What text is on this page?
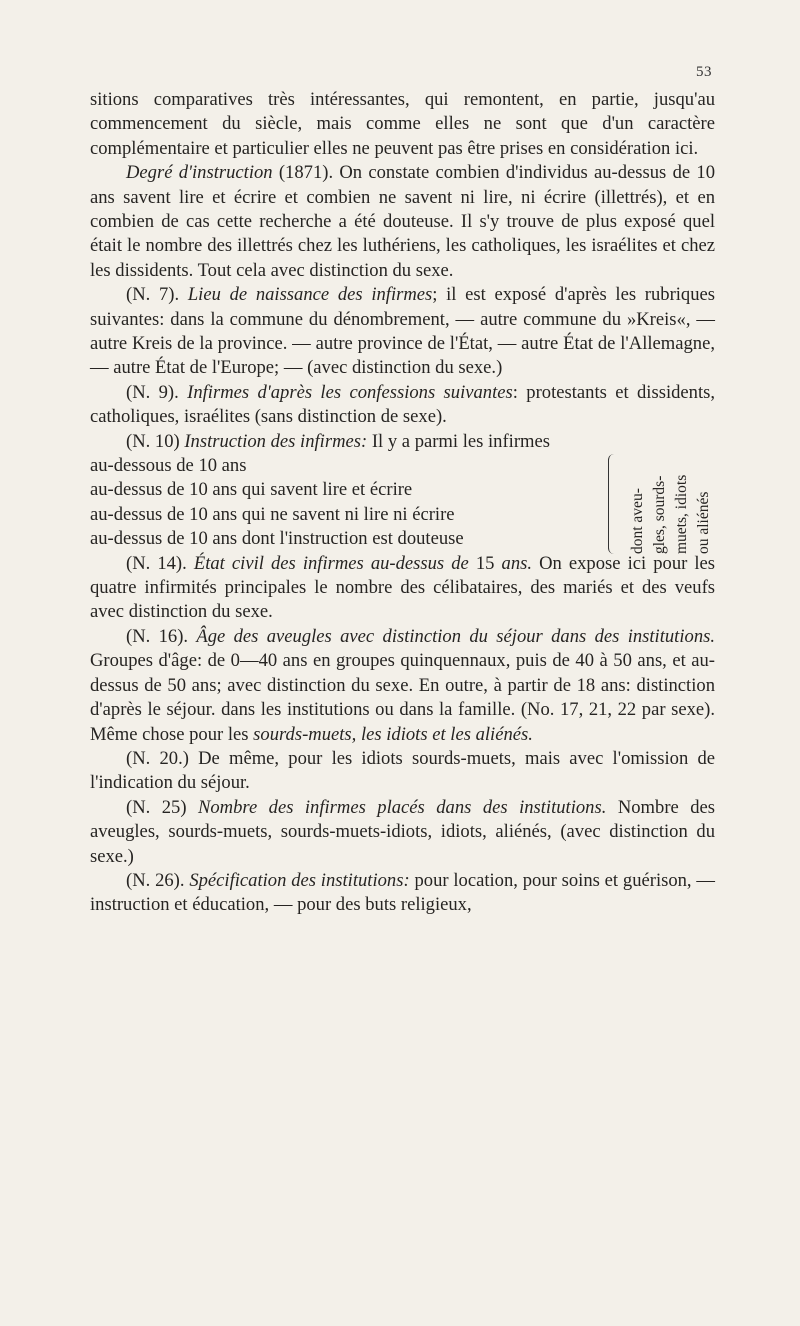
53

sitions comparatives très intéressantes, qui remontent, en partie, jusqu'au commencement du siècle, mais comme elles ne sont que d'un caractère complémentaire et particulier elles ne peuvent pas être prises en considération ici.

Degré d'instruction (1871). On constate combien d'individus au-dessus de 10 ans savent lire et écrire et combien ne savent ni lire, ni écrire (illettrés), et en combien de cas cette recherche a été douteuse. Il s'y trouve de plus exposé quel était le nombre des illettrés chez les luthériens, les catholiques, les israélites et chez les dissidents. Tout cela avec distinction du sexe.

(N. 7). Lieu de naissance des infirmes; il est exposé d'après les rubriques suivantes: dans la commune du dénombrement, — autre commune du »Kreis«, — autre Kreis de la province. — autre province de l'État, — autre État de l'Allemagne, — autre État de l'Europe; — (avec distinction du sexe.)

(N. 9). Infirmes d'après les confessions suivantes: protestants et dissidents, catholiques, israélites (sans distinction de sexe).

(N. 10) Instruction des infirmes: Il y a parmi les infirmes

au-dessous de 10 ans
au-dessus de 10 ans qui savent lire et écrire
au-dessus de 10 ans qui ne savent ni lire ni écrire
au-dessus de 10 ans dont l'instruction est douteuse	dont aveu- gles, sourds- muets, idiots ou aliénés

(N. 14). État civil des infirmes au-dessus de 15 ans. On expose ici pour les quatre infirmités principales le nombre des célibataires, des mariés et des veufs avec distinction du sexe.

(N. 16). Âge des aveugles avec distinction du séjour dans des institutions. Groupes d'âge: de 0—40 ans en groupes quinquennaux, puis de 40 à 50 ans, et au-dessus de 50 ans; avec distinction du sexe. En outre, à partir de 18 ans: distinction d'après le séjour. dans les institutions ou dans la famille. (No. 17, 21, 22 par sexe). Même chose pour les sourds-muets, les idiots et les aliénés.

(N. 20.) De même, pour les idiots sourds-muets, mais avec l'omission de l'indication du séjour.

(N. 25) Nombre des infirmes placés dans des institutions. Nombre des aveugles, sourds-muets, sourds-muets-idiots, idiots, aliénés, (avec distinction du sexe.)

(N. 26). Spécification des institutions: pour location, pour soins et guérison, — instruction et éducation, — pour des buts religieux,
